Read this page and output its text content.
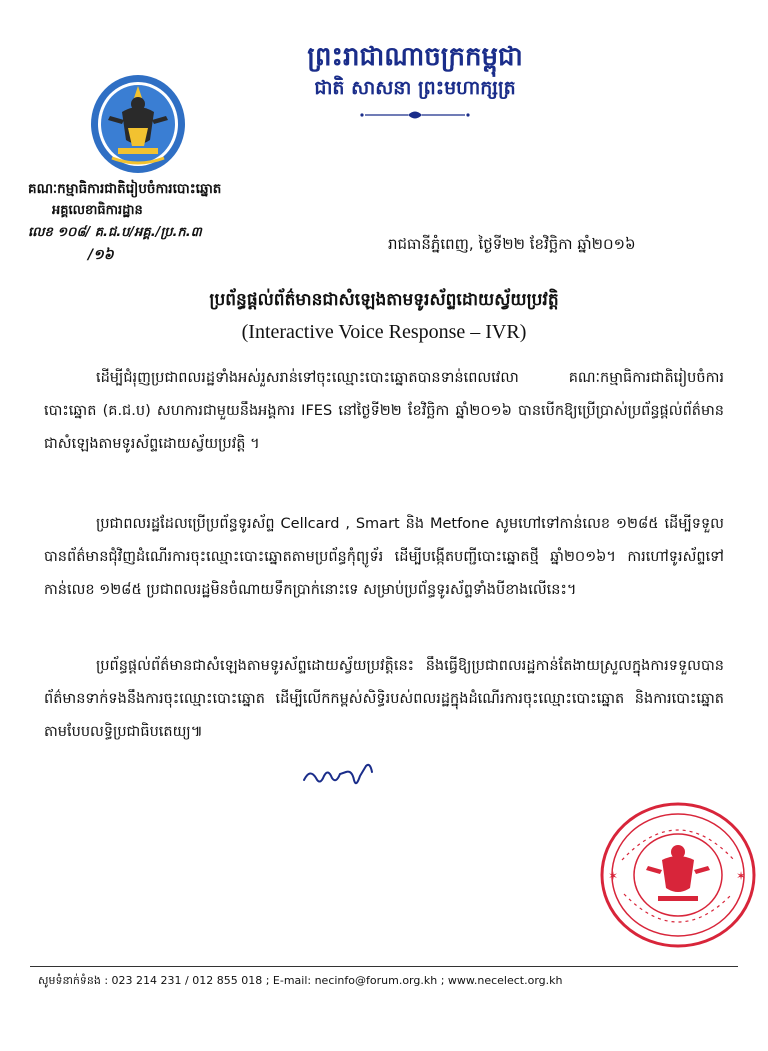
ព្រះរាជាណាចក្រកម្ពុជា
ជាតិ សាសនា ព្រះមហាក្សត្រ
គណៈកម្មាធិការជាតិរៀបចំការបោះឆ្នោត
អគ្គលេខាធិការដ្ឋាន
លេខ ១០៨/ គ.ជ.ប/អគ្គ./ប្រ.ក.៣
/១៦
រាជធានីភ្នំពេញ, ថ្ងៃទី២២ ខែវិច្ឆិកា ឆ្នាំ២០១៦
ប្រព័ន្ធផ្តល់ព័ត៌មានជាសំឡេងតាមទូរស័ព្ទដោយស្វ័យប្រវត្តិ
(Interactive Voice Response – IVR)

ដើម្បីជំរុញប្រជាពលរដ្ឋទាំងអស់រួសរាន់ទៅចុះឈ្មោះបោះឆ្នោតបានទាន់ពេលវេលា គណៈកម្មាធិការជាតិរៀបចំការបោះឆ្នោត (គ.ជ.ប) សហការជាមួយនឹងអង្គការ IFES នៅថ្ងៃទី២២ ខែវិច្ឆិកា ឆ្នាំ២០១៦ បានបើកឱ្យប្រើប្រាស់ប្រព័ន្ធផ្តល់ព័ត៌មានជាសំឡេងតាមទូរស័ព្ទដោយស្វ័យប្រវត្តិ ។

ប្រជាពលរដ្ឋដែលប្រើប្រព័ន្ធទូរស័ព្ទ Cellcard , Smart និង Metfone សូមហៅទៅកាន់លេខ ១២៨៥ ដើម្បីទទួលបានព័ត៌មានជុំវិញដំណើរការចុះឈ្មោះបោះឆ្នោតតាមប្រព័ន្ធកុំព្យូទ័រ ដើម្បីបង្កើតបញ្ជីបោះឆ្នោតថ្មី ឆ្នាំ២០១៦។ ការហៅទូរស័ព្ទទៅកាន់លេខ ១២៨៥ ប្រជាពលរដ្ឋមិនចំណាយទឹកប្រាក់នោះទេ សម្រាប់ប្រព័ន្ធទូរស័ព្ទទាំងបីខាងលើនេះ។

ប្រព័ន្ធផ្តល់ព័ត៌មានជាសំឡេងតាមទូរស័ព្ទដោយស្វ័យប្រវត្តិនេះ នឹងធ្វើឱ្យប្រជាពលរដ្ឋកាន់តែងាយស្រួលក្នុងការទទួលបានព័ត៌មានទាក់ទងនឹងការចុះឈ្មោះបោះឆ្នោត ដើម្បីលើកកម្ពស់សិទ្ធិរបស់ពលរដ្ឋក្នុងដំណើរការចុះឈ្មោះបោះឆ្នោត និងការបោះឆ្នោតតាមបែបលទ្ធិប្រជាធិបតេយ្យ៕

✶	✶
សូមទំនាក់ទំនង : 023 214 231 / 012 855 018 ; E-mail: necinfo@forum.org.kh ; www.necelect.org.kh
